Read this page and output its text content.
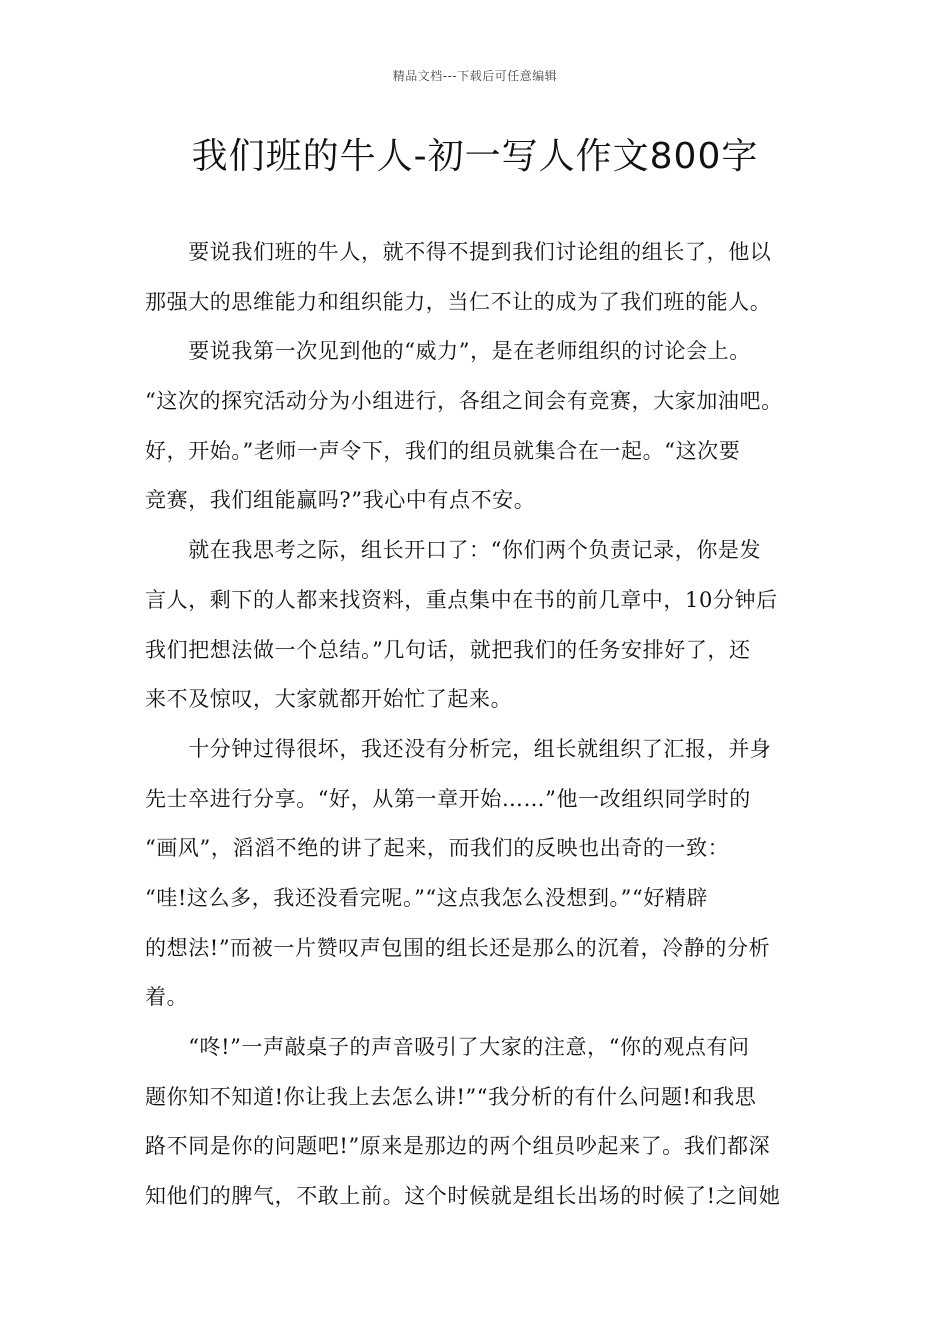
精品文档---下载后可任意编辑
我们班的牛人-初一写人作文800字
　　要说我们班的牛人，就不得不提到我们讨论组的组长了，他以
那强大的思维能力和组织能力，当仁不让的成为了我们班的能人。
　　要说我第一次见到他的“威力”，是在老师组织的讨论会上。
“这次的探究活动分为小组进行，各组之间会有竞赛，大家加油吧。
好，开始。”老师一声令下，我们的组员就集合在一起。“这次要
竞赛，我们组能赢吗?”我心中有点不安。
　　就在我思考之际，组长开口了：“你们两个负责记录，你是发
言人，剩下的人都来找资料，重点集中在书的前几章中，10分钟后
我们把想法做一个总结。”几句话，就把我们的任务安排好了，还
来不及惊叹，大家就都开始忙了起来。
　　十分钟过得很坏，我还没有分析完，组长就组织了汇报，并身
先士卒进行分享。“好，从第一章开始……”他一改组织同学时的
“画风”，滔滔不绝的讲了起来，而我们的反映也出奇的一致：
“哇!这么多，我还没看完呢。”“这点我怎么没想到。”“好精辟
的想法!”而被一片赞叹声包围的组长还是那么的沉着，冷静的分析
着。
　　“咚!”一声敲桌子的声音吸引了大家的注意，“你的观点有问
题你知不知道!你让我上去怎么讲!”“我分析的有什么问题!和我思
路不同是你的问题吧!”原来是那边的两个组员吵起来了。我们都深
知他们的脾气，不敢上前。这个时候就是组长出场的时候了!之间她
